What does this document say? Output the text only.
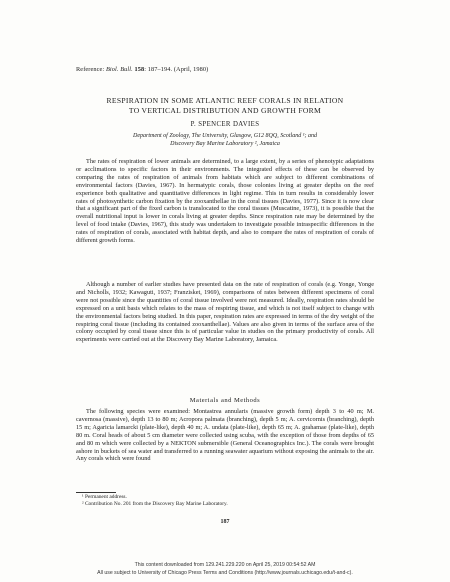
Reference: Biol. Bull. 158: 187–194. (April, 1980)
RESPIRATION IN SOME ATLANTIC REEF CORALS IN RELATION
TO VERTICAL DISTRIBUTION AND GROWTH FORM
P. SPENCER DAVIES
Department of Zoology, The University, Glasgow, G12 8QQ, Scotland ¹; and
Discovery Bay Marine Laboratory ², Jamaica

The rates of respiration of lower animals are determined, to a large extent, by a series of phenotypic adaptations or acclimations to specific factors in their environments. The integrated effects of these can be observed by comparing the rates of respiration of animals from habitats which are subject to different combinations of environmental factors (Davies, 1967). In hermatypic corals, those colonies living at greater depths on the reef experience both qualitative and quantitative differences in light regime. This in turn results in considerably lower rates of photosynthetic carbon fixation by the zooxanthellae in the coral tissues (Davies, 1977). Since it is now clear that a significant part of the fixed carbon is translocated to the coral tissues (Muscatine, 1973), it is possible that the overall nutritional input is lower in corals living at greater depths. Since respiration rate may be determined by the level of food intake (Davies, 1967), this study was undertaken to investigate possible intraspecific differences in the rates of respiration of corals, associated with habitat depth, and also to compare the rates of respiration of corals of different growth forms.

Although a number of earlier studies have presented data on the rate of respiration of corals (e.g. Yonge, Yonge and Nicholls, 1932; Kawaguti, 1937; Franzisket, 1969), comparisons of rates between different specimens of coral were not possible since the quantities of coral tissue involved were not measured. Ideally, respiration rates should be expressed on a unit basis which relates to the mass of respiring tissue, and which is not itself subject to change with the environmental factors being studied. In this paper, respiration rates are expressed in terms of the dry weight of the respiring coral tissue (including its contained zooxanthellae). Values are also given in terms of the surface area of the colony occupied by coral tissue since this is of particular value in studies on the primary productivity of corals. All experiments were carried out at the Discovery Bay Marine Laboratory, Jamaica.

Materials and Methods

The following species were examined: Montastrea annularis (massive growth form) depth 3 to 40 m; M. cavernosa (massive), depth 13 to 80 m; Acropora palmata (branching), depth 5 m; A. cervicornis (branching), depth 15 m; Agaricia lamarcki (plate-like), depth 40 m; A. undata (plate-like), depth 65 m; A. grahamae (plate-like), depth 80 m. Coral heads of about 5 cm diameter were collected using scuba, with the exception of those from depths of 65 and 80 m which were collected by a NEKTON submersible (General Oceanographics Inc.). The corals were brought ashore in buckets of sea water and transferred to a running seawater aquarium without exposing the animals to the air. Any corals which were found

¹ Permanent address.
² Contribution No. 201 from the Discovery Bay Marine Laboratory.
187
This content downloaded from 129.241.229.220 on April 25, 2019 00:54:52 AM
All use subject to University of Chicago Press Terms and Conditions (http://www.journals.uchicago.edu/t-and-c).
